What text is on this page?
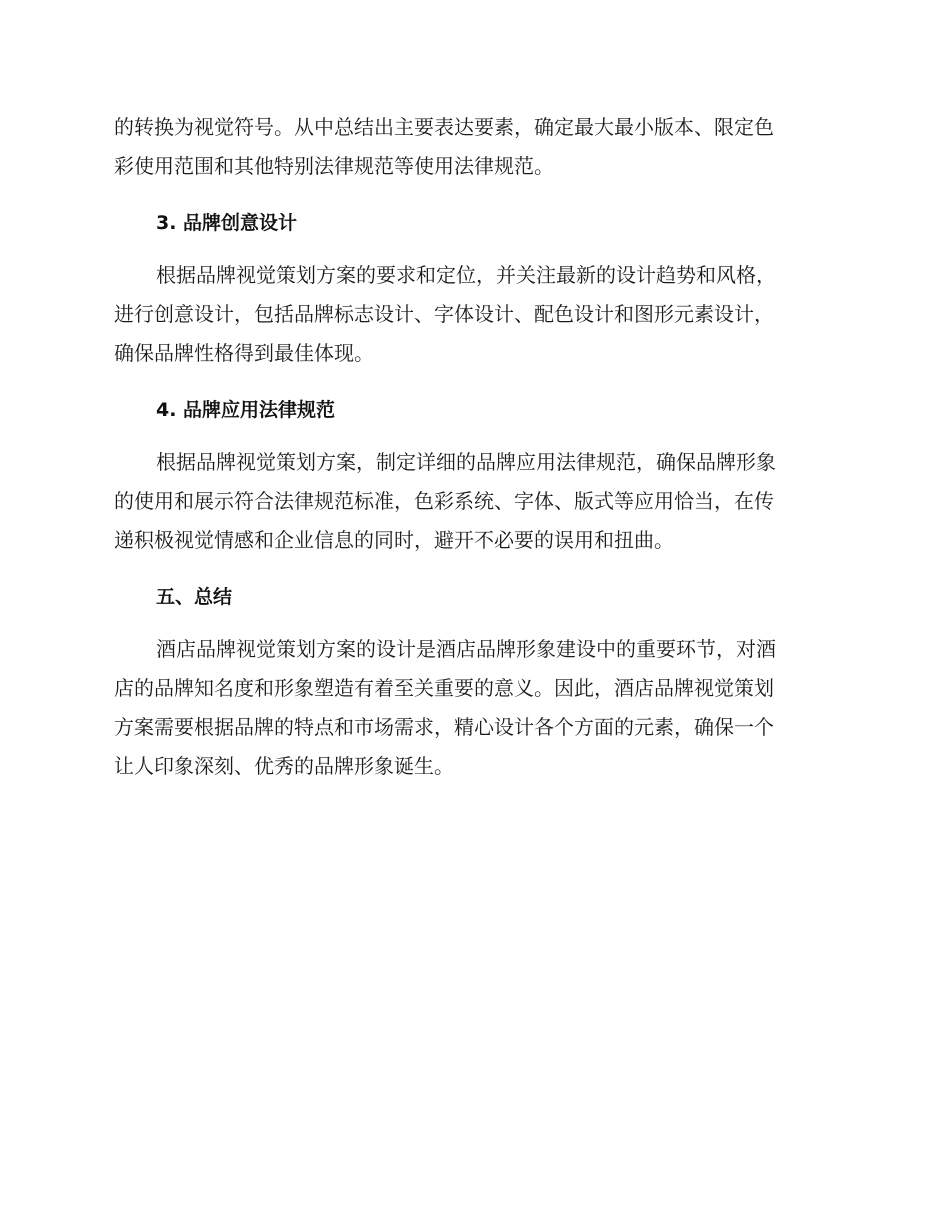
的转换为视觉符号。从中总结出主要表达要素，确定最大最小版本、限定色
彩使用范围和其他特别法律规范等使用法律规范。

3. 品牌创意设计

根据品牌视觉策划方案的要求和定位，并关注最新的设计趋势和风格，
进行创意设计，包括品牌标志设计、字体设计、配色设计和图形元素设计，
确保品牌性格得到最佳体现。

4. 品牌应用法律规范

根据品牌视觉策划方案，制定详细的品牌应用法律规范，确保品牌形象
的使用和展示符合法律规范标准，色彩系统、字体、版式等应用恰当，在传
递积极视觉情感和企业信息的同时，避开不必要的误用和扭曲。

五、总结

酒店品牌视觉策划方案的设计是酒店品牌形象建设中的重要环节，对酒
店的品牌知名度和形象塑造有着至关重要的意义。因此，酒店品牌视觉策划
方案需要根据品牌的特点和市场需求，精心设计各个方面的元素，确保一个
让人印象深刻、优秀的品牌形象诞生。
